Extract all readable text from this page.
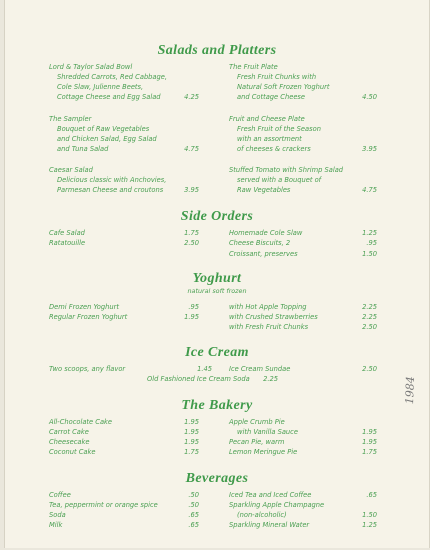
Salads and Platters
Lord & Taylor Salad Bowl
Shredded Carrots, Red Cabbage,
Cole Slaw, Julienne Beets,
Cottage Cheese and Egg Salad	4.25
The Sampler
Bouquet of Raw Vegetables
and Chicken Salad, Egg Salad
and Tuna Salad	4.75
Caesar Salad
Delicious classic with Anchovies,
Parmesan Cheese and croutons	3.95
The Fruit Plate
Fresh Fruit Chunks with
Natural Soft Frozen Yoghurt
and Cottage Cheese	4.50
Fruit and Cheese Plate
Fresh Fruit of the Season
with an assortment
of cheeses & crackers	3.95
Stuffed Tomato with Shrimp Salad
served with a Bouquet of
Raw Vegetables	4.75
Side Orders
Cafe Salad	1.75
Ratatouille	2.50
Homemade Cole Slaw	1.25
Cheese Biscuits, 2	.95
Croissant, preserves	1.50
Yoghurt
natural soft frozen
Demi Frozen Yoghurt	.95
Regular Frozen Yoghurt	1.95
with Hot Apple Topping	2.25
with Crushed Strawberries	2.25
with Fresh Fruit Chunks	2.50
Ice Cream
Two scoops, any flavor	1.45	Ice Cream Sundae	2.50
Old Fashioned Ice Cream Soda	2.25
The Bakery
All-Chocolate Cake	1.95
Carrot Cake	1.95
Cheesecake	1.95
Coconut Cake	1.75
Apple Crumb Pie
with Vanilla Sauce	1.95
Pecan Pie, warm	1.95
Lemon Meringue Pie	1.75
Beverages
Coffee	.50
Tea, peppermint or orange spice	.50
Soda	.65
Milk	.65
Iced Tea and Iced Coffee	.65
Sparkling Apple Champagne
(non-alcoholic)	1.50
Sparkling Mineral Water	1.25
1984
